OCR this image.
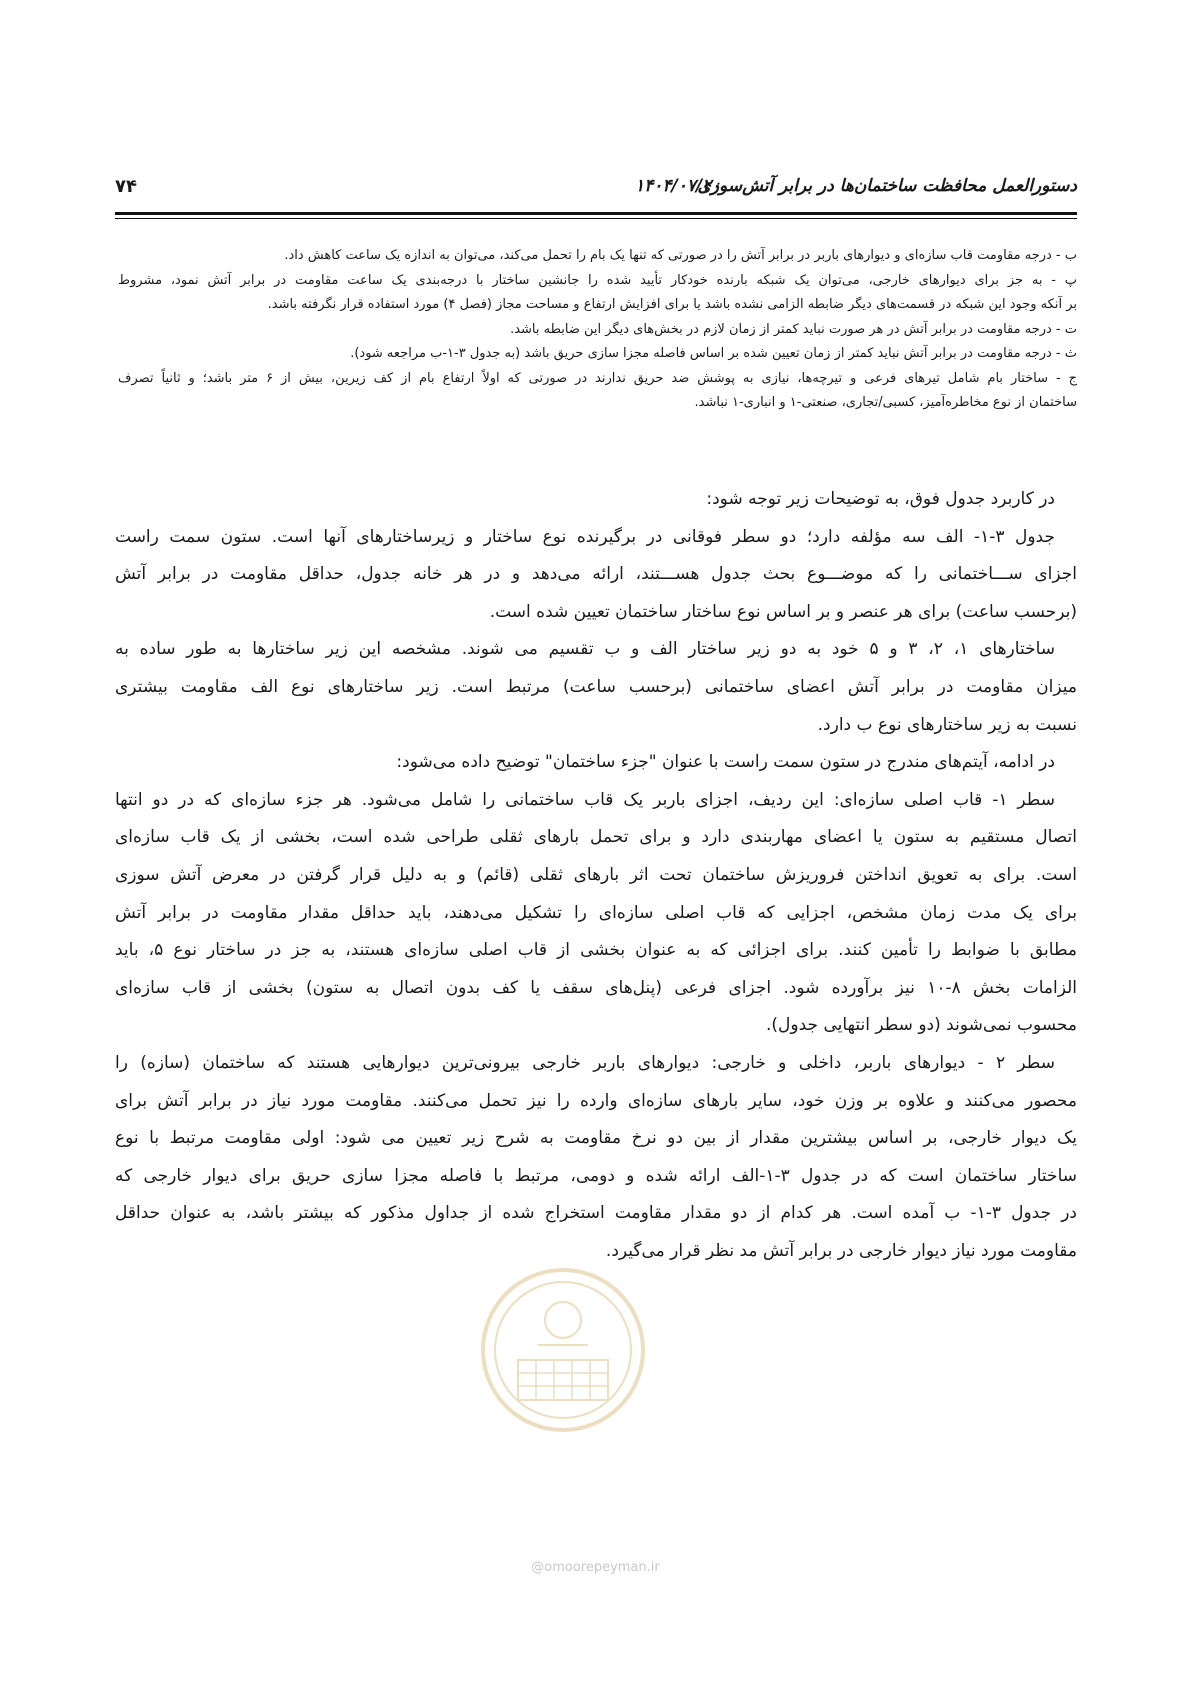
۷۴	۱۴۰۴/۰۷/۲۰
دستورالعمل محافظت ساختمان‌ها در برابر آتش‌سوزی

ب - درجه مقاومت قاب سازه‌ای و دیوارهای باربر در برابر آتش را در صورتی که تنها یک بام را تحمل می‌کند، می‌توان به اندازه یک ساعت کاهش داد.

پ - به جز برای دیوارهای خارجی، می‌توان یک شبکه بارنده خودکار تأیید شده را جانشین ساختار با درجه‌بندی یک ساعت مقاومت در برابر آتش نمود، مشروط

بر آنکه وجود این شبکه در قسمت‌های دیگر ضابطه الزامی نشده باشد یا برای افزایش ارتفاع و مساحت مجاز (فصل ۴) مورد استفاده قرار نگرفته باشد.

ت - درجه مقاومت در برابر آتش در هر صورت نباید کمتر از زمان لازم در بخش‌های دیگر این ضابطه باشد.

ث - درجه مقاومت در برابر آتش نباید کمتر از زمان تعیین شده بر اساس فاصله مجزا سازی حریق باشد (به جدول ۳-۱-ب مراجعه شود).

ج - ساختار بام شامل تیرهای فرعی و تیرچه‌ها، نیازی به پوشش ضد حریق ندارند در صورتی که اولاً ارتفاع بام از کف زیرین، بیش از ۶ متر باشد؛ و ثانیاً تصرف

ساختمان از نوع مخاطره‌آمیز، کسبی/تجاری، صنعتی-۱ و انباری-۱ نباشد.

در کاربرد جدول فوق، به توضیحات زیر توجه شود:
جدول ۳-۱- الف سه مؤلفه دارد؛ دو سطر فوقانی در برگیرنده نوع ساختار و زیرساختارهای آنها است. ستون سمت راست
اجزای ســـاختمانی را که موضـــوع بحث جدول هســـتند، ارائه می‌دهد و در هر خانه جدول، حداقل مقاومت در برابر آتش
(برحسب ساعت) برای هر عنصر و بر اساس نوع ساختار ساختمان تعیین شده است.
ساختارهای ۱، ۲، ۳ و ۵ خود به دو زیر ساختار الف و ب تقسیم می شوند. مشخصه این زیر ساختارها به طور ساده به
میزان مقاومت در برابر آتش اعضای ساختمانی (برحسب ساعت) مرتبط است. زیر ساختارهای نوع الف مقاومت بیشتری
نسبت به زیر ساختارهای نوع ب دارد.
در ادامه، آیتم‌های مندرج در ستون سمت راست با عنوان "جزء ساختمان" توضیح داده می‌شود:
سطر ۱- قاب اصلی سازه‌ای: این ردیف، اجزای باربر یک قاب ساختمانی را شامل می‌شود. هر جزء سازه‌ای که در دو انتها
اتصال مستقیم به ستون یا اعضای مهاربندی دارد و برای تحمل بارهای ثقلی طراحی شده است، بخشی از یک قاب سازه‌ای
است. برای به تعویق انداختن فروریزش ساختمان تحت اثر بارهای ثقلی (قائم) و به دلیل قرار گرفتن در معرض آتش سوزی
برای یک مدت زمان مشخص، اجزایی که قاب اصلی سازه‌ای را تشکیل می‌دهند، باید حداقل مقدار مقاومت در برابر آتش
مطابق با ضوابط را تأمین کنند. برای اجزائی که به عنوان بخشی از قاب اصلی سازه‌ای هستند، به جز در ساختار نوع ۵، باید
الزامات بخش ۸-۱۰ نیز برآورده شود. اجزای فرعی (پنل‌های سقف یا کف بدون اتصال به ستون) بخشی از قاب سازه‌ای
محسوب نمی‌شوند (دو سطر انتهایی جدول).
سطر ۲ - دیوارهای باربر، داخلی و خارجی: دیوارهای باربر خارجی بیرونی‌ترین دیوارهایی هستند که ساختمان (سازه) را
محصور می‌کنند و علاوه بر وزن خود، سایر بارهای سازه‌ای وارده را نیز تحمل می‌کنند. مقاومت مورد نیاز در برابر آتش برای
یک دیوار خارجی، بر اساس بیشترین مقدار از بین دو نرخ مقاومت به شرح زیر تعیین می شود: اولی مقاومت مرتبط با نوع
ساختار ساختمان است که در جدول ۳-۱-الف ارائه شده و دومی، مرتبط با فاصله مجزا سازی حریق برای دیوار خارجی که
در جدول ۳-۱- ب آمده است. هر کدام از دو مقدار مقاومت استخراج شده از جداول مذکور که بیشتر باشد، به عنوان حداقل
مقاومت مورد نیاز دیوار خارجی در برابر آتش مد نظر قرار می‌گیرد.
@omoorepeyman.ir
